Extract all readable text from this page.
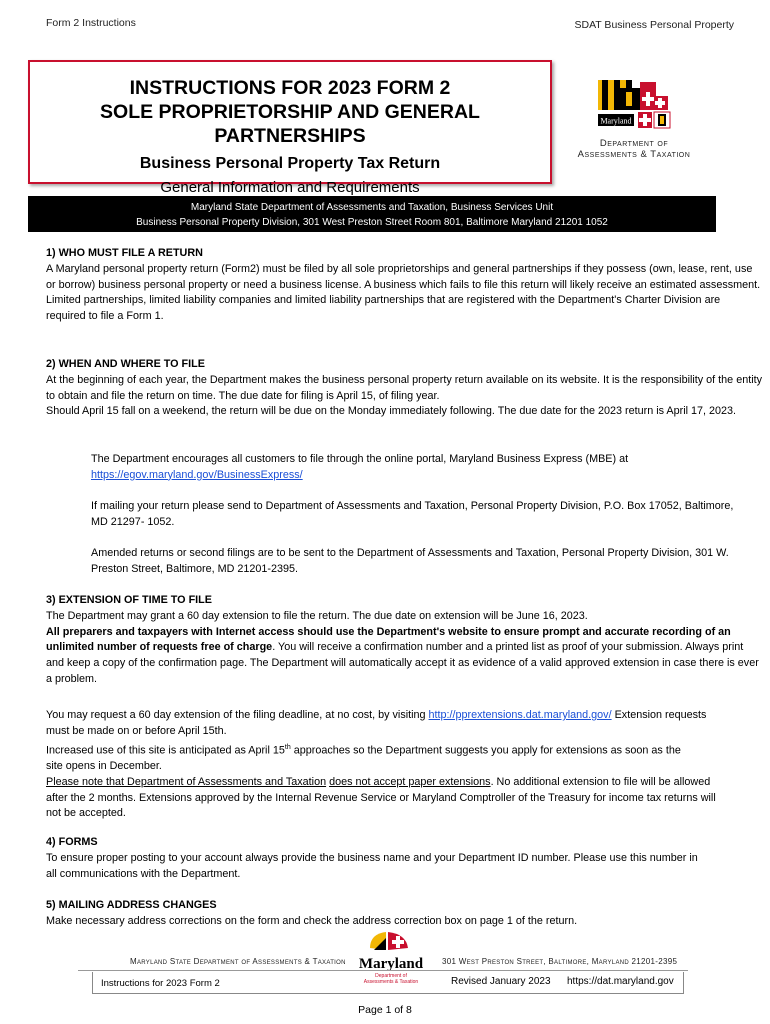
Form 2 Instructions	SDAT Business Personal Property
INSTRUCTIONS FOR 2023 FORM 2
SOLE PROPRIETORSHIP AND GENERAL PARTNERSHIPS
Business Personal Property Tax Return
General Information and Requirements
Maryland
Department of
Assessments & Taxation
Maryland State Department of Assessments and Taxation, Business Services Unit
Business Personal Property Division, 301 West Preston Street Room 801, Baltimore Maryland 21201 1052
1) WHO MUST FILE A RETURN
A Maryland personal property return (Form2) must be filed by all sole proprietorships and general partnerships if they possess (own, lease, rent, use or borrow) business personal property or need a business license. A business which fails to file this return will likely receive an estimated assessment.
Limited partnerships, limited liability companies and limited liability partnerships that are registered with the Department's Charter Division are required to file a Form 1.
2) WHEN AND WHERE TO FILE
At the beginning of each year, the Department makes the business personal property return available on its website. It is the responsibility of the entity to obtain and file the return on time. The due date for filing is April 15, of filing year.
Should April 15 fall on a weekend, the return will be due on the Monday immediately following. The due date for the 2023 return is April 17, 2023.
The Department encourages all customers to file through the online portal, Maryland Business Express (MBE) at
https://egov.maryland.gov/BusinessExpress/
If mailing your return please send to Department of Assessments and Taxation, Personal Property Division, P.O. Box 17052, Baltimore, MD 21297- 1052.
Amended returns or second filings are to be sent to the Department of Assessments and Taxation, Personal Property Division, 301 W. Preston Street, Baltimore, MD 21201-2395.
3) EXTENSION OF TIME TO FILE
The Department may grant a 60 day extension to file the return. The due date on extension will be June 16, 2023.
All preparers and taxpayers with Internet access should use the Department's website to ensure prompt and accurate recording of an unlimited number of requests free of charge. You will receive a confirmation number and a printed list as proof of your submission. Always print and keep a copy of the confirmation page. The Department will automatically accept it as evidence of a valid approved extension in case there is ever a problem.
You may request a 60 day extension of the filing deadline, at no cost, by visiting http://pprextensions.dat.maryland.gov/ Extension requests must be made on or before April 15th.
Increased use of this site is anticipated as April 15th approaches so the Department suggests you apply for extensions as soon as the site opens in December.
Please note that Department of Assessments and Taxation does not accept paper extensions. No additional extension to file will be allowed after the 2 months. Extensions approved by the Internal Revenue Service or Maryland Comptroller of the Treasury for income tax returns will not be accepted.
4) FORMS
To ensure proper posting to your account always provide the business name and your Department ID number. Please use this number in all communications with the Department.
5) MAILING ADDRESS CHANGES
Make necessary address corrections on the form and check the address correction box on page 1 of the return.
Maryland State Department of Assessments & Taxation	301 West Preston Street, Baltimore, Maryland 21201-2395
Maryland
Department of
Assessments & Taxation
Instructions for 2023 Form 2	Revised January 2023 https://dat.maryland.gov
Page 1 of 8
